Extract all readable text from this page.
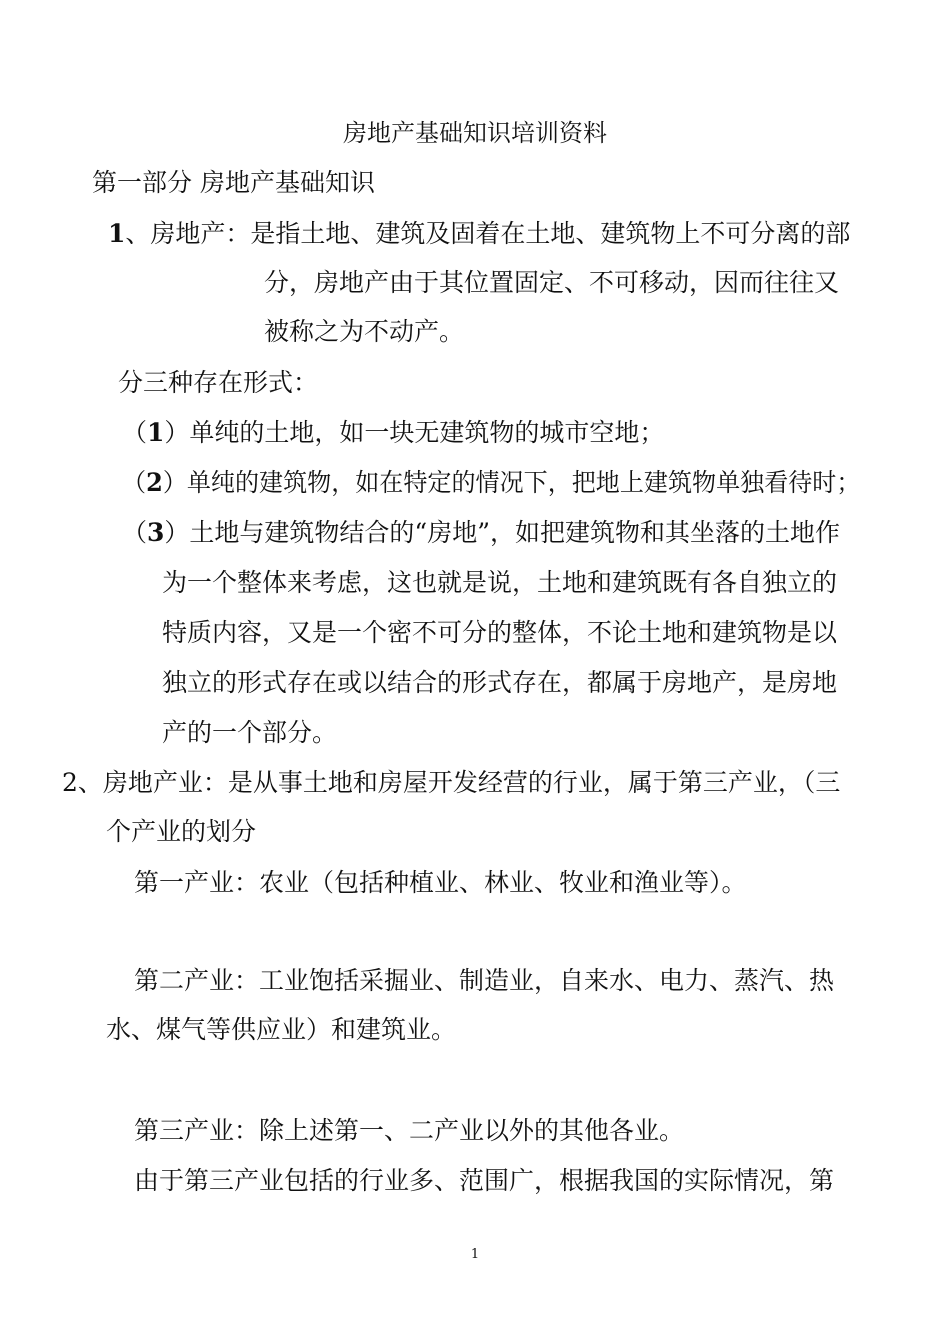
房地产基础知识培训资料
第一部分 房地产基础知识
1、房地产：是指土地、建筑及固着在土地、建筑物上不可分离的部
分，房地产由于其位置固定、不可移动，因而往往又
被称之为不动产。
分三种存在形式：
（1）单纯的土地，如一块无建筑物的城市空地；
（2）单纯的建筑物，如在特定的情况下，把地上建筑物单独看待时；
（3）土地与建筑物结合的“房地”，如把建筑物和其坐落的土地作
为一个整体来考虑，这也就是说，土地和建筑既有各自独立的
特质内容，又是一个密不可分的整体，不论土地和建筑物是以
独立的形式存在或以结合的形式存在，都属于房地产，是房地
产的一个部分。
2、房地产业：是从事土地和房屋开发经营的行业，属于第三产业，（三
个产业的划分
第一产业：农业（包括种植业、林业、牧业和渔业等）。
第二产业：工业饱括采掘业、制造业，自来水、电力、蒸汽、热
水、煤气等供应业）和建筑业。
第三产业：除上述第一、二产业以外的其他各业。
由于第三产业包括的行业多、范围广，根据我国的实际情况，第
1
